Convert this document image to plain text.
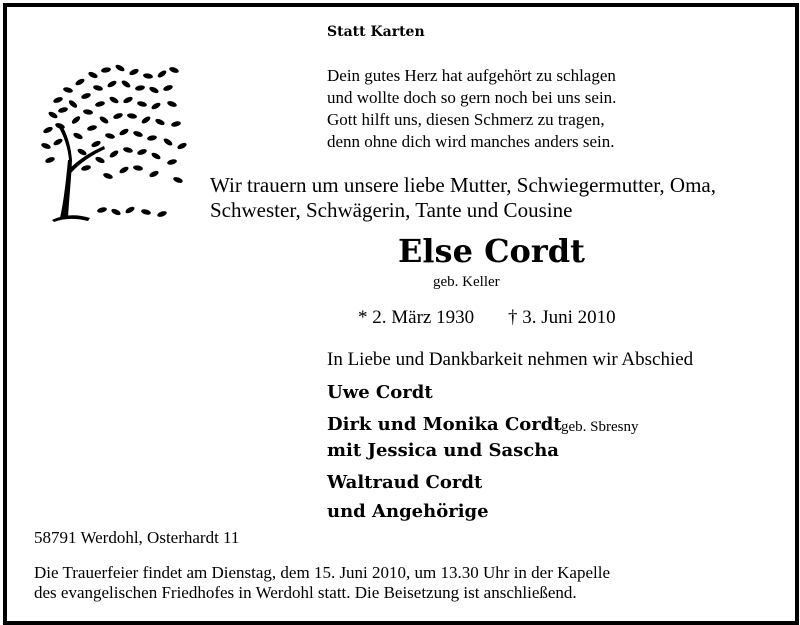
Statt Karten
Dein gutes Herz hat aufgehört zu schlagen
und wollte doch so gern noch bei uns sein.
Gott hilft uns, diesen Schmerz zu tragen,
denn ohne dich wird manches anders sein.
Wir trauern um unsere liebe Mutter, Schwiegermutter, Oma,
Schwester, Schwägerin, Tante und Cousine
Else Cordt
geb. Keller
* 2. März 1930 † 3. Juni 2010
In Liebe und Dankbarkeit nehmen wir Abschied
Uwe Cordt
Dirk und Monika Cordt geb. Sbresny
mit Jessica und Sascha
Waltraud Cordt
und Angehörige
58791 Werdohl, Osterhardt 11
Die Trauerfeier findet am Dienstag, dem 15. Juni 2010, um 13.30 Uhr in der Kapelle
des evangelischen Friedhofes in Werdohl statt. Die Beisetzung ist anschließend.
